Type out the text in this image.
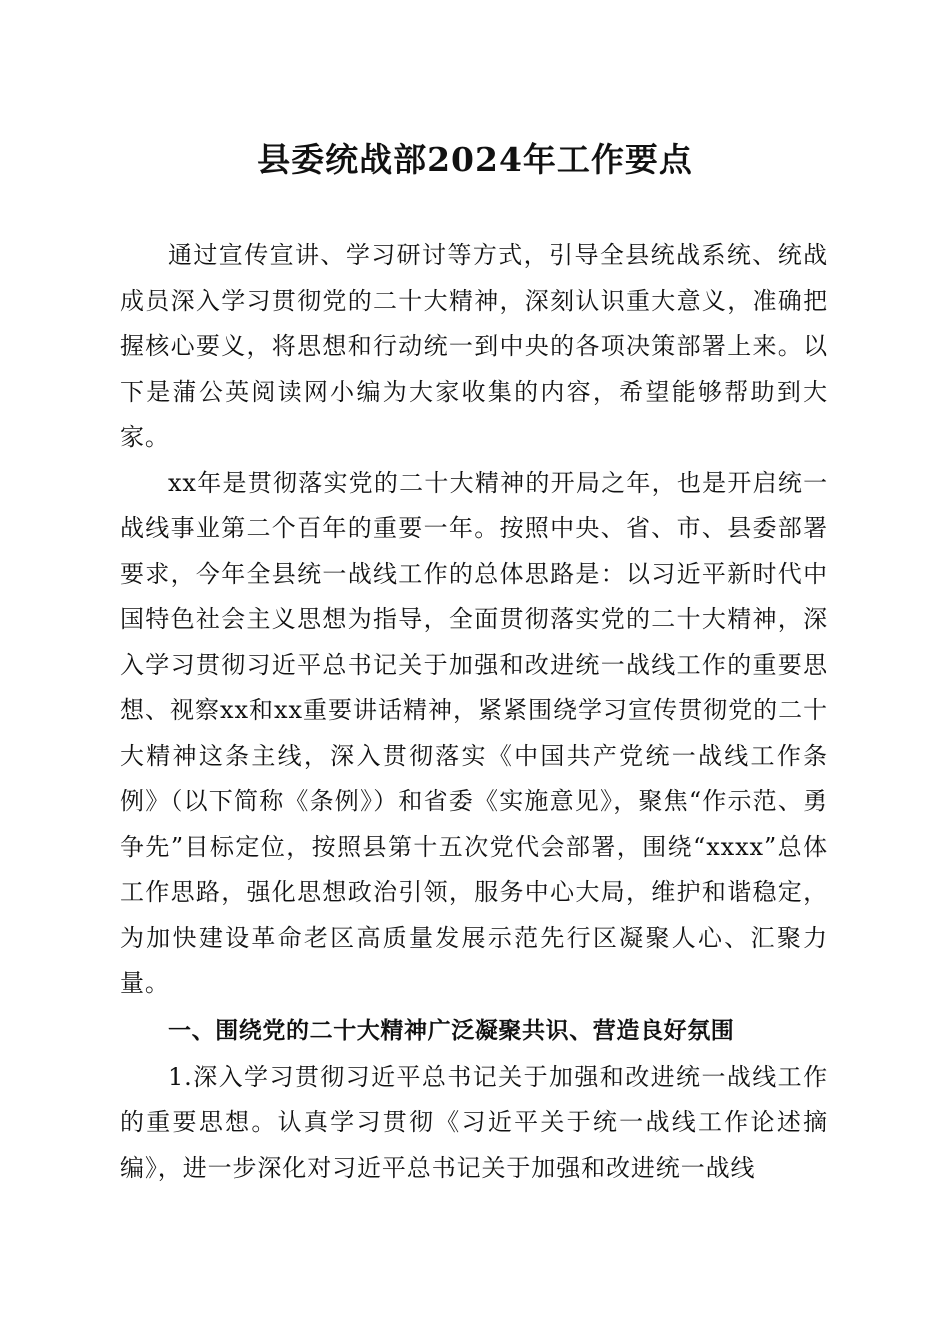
县委统战部2024年工作要点

通过宣传宣讲、学习研讨等方式，引导全县统战系统、统战成员深入学习贯彻党的二十大精神，深刻认识重大意义，准确把握核心要义，将思想和行动统一到中央的各项决策部署上来。以下是蒲公英阅读网小编为大家收集的内容，希望能够帮助到大家。

xx年是贯彻落实党的二十大精神的开局之年，也是开启统一战线事业第二个百年的重要一年。按照中央、省、市、县委部署要求，今年全县统一战线工作的总体思路是：以习近平新时代中国特色社会主义思想为指导，全面贯彻落实党的二十大精神，深入学习贯彻习近平总书记关于加强和改进统一战线工作的重要思想、视察xx和xx重要讲话精神，紧紧围绕学习宣传贯彻党的二十大精神这条主线，深入贯彻落实《中国共产党统一战线工作条例》（以下简称《条例》）和省委《实施意见》，聚焦“作示范、勇争先”目标定位，按照县第十五次党代会部署，围绕“xxxx”总体工作思路，强化思想政治引领，服务中心大局，维护和谐稳定，为加快建设革命老区高质量发展示范先行区凝聚人心、汇聚力量。

一、围绕党的二十大精神广泛凝聚共识、营造良好氛围

1.深入学习贯彻习近平总书记关于加强和改进统一战线工作的重要思想。认真学习贯彻《习近平关于统一战线工作论述摘编》，进一步深化对习近平总书记关于加强和改进统一战线
